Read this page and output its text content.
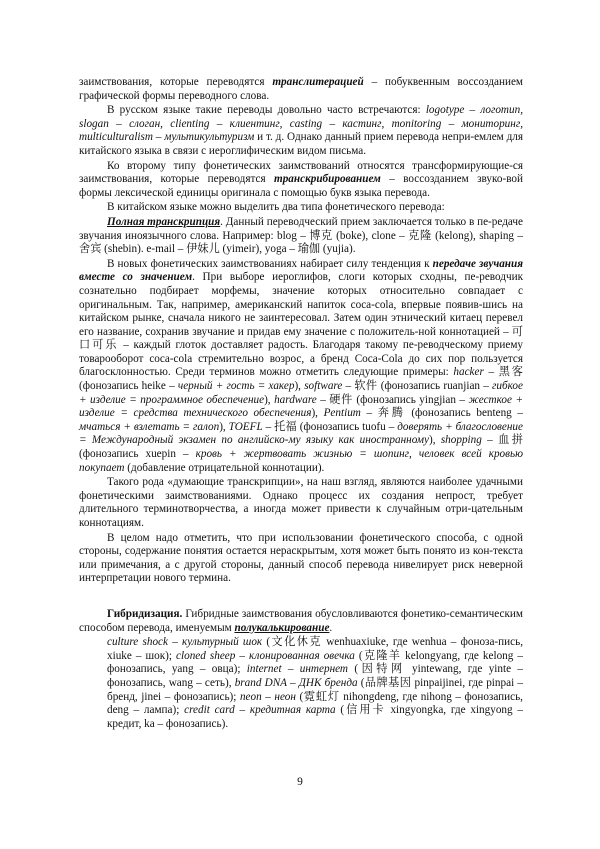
заимствования, которые переводятся транслитерацией – побуквенным воссозданием графической формы переводного слова.

В русском языке такие переводы довольно часто встречаются: logotype – логотип, slogan – слоган, clienting – клиентинг, casting – кастинг, monitoring – мониторинг, multiculturalism – мультикультуризм и т. д. Однако данный прием перевода непри-емлем для китайского языка в связи с иероглифическим видом письма.

Ко второму типу фонетических заимствований относятся трансформирующие-ся заимствования, которые переводятся транскрибированием – воссозданием звуко-вой формы лексической единицы оригинала с помощью букв языка перевода.

В китайском языке можно выделить два типа фонетического перевода:

Полная транскрипция. Данный переводческий прием заключается только в пе-редаче звучания иноязычного слова. Например: blog – 博克 (boke), clone – 克隆 (kelong), shaping – 舍宾 (shebin). e-mail – 伊妹儿 (yimeir), yoga – 瑜伽 (yujia).

В новых фонетических заимствованиях набирает силу тенденция к передаче звучания вместе со значением. При выборе иероглифов, слоги которых сходны, пе-реводчик сознательно подбирает морфемы, значение которых относительно совпадает с оригинальным. Так, например, американский напиток coca-cola, впервые появив-шись на китайском рынке, сначала никого не заинтересовал. Затем один этнический китаец перевел его название, сохранив звучание и придав ему значение с положитель-ной коннотацией – 可口可乐 – каждый глоток доставляет радость. Благодаря такому пе-реводческому приему товарооборот coca-cola стремительно возрос, а бренд Coca-Cola до сих пор пользуется благосклонностью. Среди терминов можно отметить следующие примеры: hacker – 黑客 (фонозапись heike – черный + гость = хакер), software – 软件 (фонозапись ruanjian – гибкое + изделие = программное обеспечение), hardware – 硬件 (фонозапись yingjian – жесткое + изделие = средства технического обеспечения), Pentium – 奔腾 (фонозапись benteng – мчаться + взлетать = галоп), TOEFL – 托福 (фонозапись tuofu – доверять + благословение = Международный экзамен по английско-му языку как иностранному), shopping – 血拼 (фонозапись xuepin – кровь + жертвовать жизнью = шопинг, человек всей кровью покупает (добавление отрицательной коннотации).

Такого рода «думающие транскрипции», на наш взгляд, являются наиболее удачными фонетическими заимствованиями. Однако процесс их создания непрост, требует длительного терминотворчества, а иногда может привести к случайным отри-цательным коннотациям.

В целом надо отметить, что при использовании фонетического способа, с одной стороны, содержание понятия остается нераскрытым, хотя может быть понято из кон-текста или примечания, а с другой стороны, данный способ перевода нивелирует риск неверной интерпретации нового термина.

Гибридизация. Гибридные заимствования обусловливаются фонетико-семантическим способом перевода, именуемым полукалькирование.

culture shock – культурный шок (文化休克 wenhuaxiuke, где wenhua – фоноза-пись, xiuke – шок); cloned sheep – клонированная овечка (克隆羊 kelongyang, где kelong – фонозапись, yang – овца); internet – интернет (因特网 yintewang, где yinte – фонозапись, wang – сеть), brand DNA – ДНК бренда (品牌基因 pinpaijinei, где pinpai – бренд, jinei – фонозапись); neon – неон (霓虹灯 nihongdeng, где nihong – фонозапись, deng – лампа); credit card – кредитная карта (信用卡 xingyongka, где xingyong – кредит, ka – фонозапись).

9
